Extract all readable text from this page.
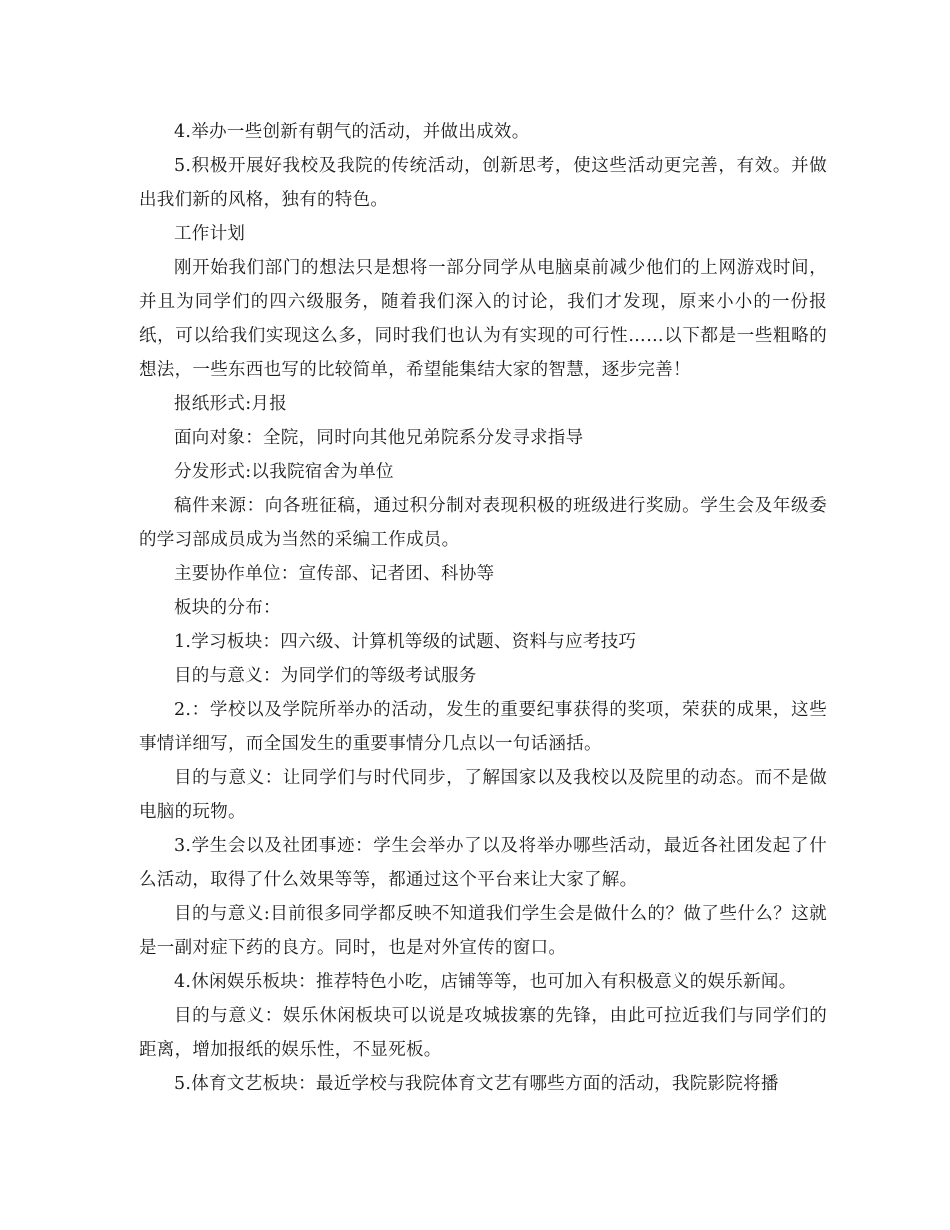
4.举办一些创新有朝气的活动，并做出成效。

5.积极开展好我校及我院的传统活动，创新思考，使这些活动更完善，有效。并做出我们新的风格，独有的特色。

工作计划

刚开始我们部门的想法只是想将一部分同学从电脑桌前减少他们的上网游戏时间，并且为同学们的四六级服务，随着我们深入的讨论，我们才发现，原来小小的一份报纸，可以给我们实现这么多，同时我们也认为有实现的可行性……以下都是一些粗略的想法，一些东西也写的比较简单，希望能集结大家的智慧，逐步完善！

报纸形式:月报

面向对象：全院，同时向其他兄弟院系分发寻求指导

分发形式:以我院宿舍为单位

稿件来源：向各班征稿，通过积分制对表现积极的班级进行奖励。学生会及年级委的学习部成员成为当然的采编工作成员。

主要协作单位：宣传部、记者团、科协等

板块的分布：

1.学习板块：四六级、计算机等级的试题、资料与应考技巧

目的与意义：为同学们的等级考试服务

2.：学校以及学院所举办的活动，发生的重要纪事获得的奖项，荣获的成果，这些事情详细写，而全国发生的重要事情分几点以一句话涵括。

目的与意义：让同学们与时代同步，了解国家以及我校以及院里的动态。而不是做电脑的玩物。

3.学生会以及社团事迹：学生会举办了以及将举办哪些活动，最近各社团发起了什么活动，取得了什么效果等等，都通过这个平台来让大家了解。

目的与意义:目前很多同学都反映不知道我们学生会是做什么的？做了些什么？这就是一副对症下药的良方。同时，也是对外宣传的窗口。

4.休闲娱乐板块：推荐特色小吃，店铺等等，也可加入有积极意义的娱乐新闻。

目的与意义：娱乐休闲板块可以说是攻城拔寨的先锋，由此可拉近我们与同学们的距离，增加报纸的娱乐性，不显死板。

5.体育文艺板块：最近学校与我院体育文艺有哪些方面的活动，我院影院将播
